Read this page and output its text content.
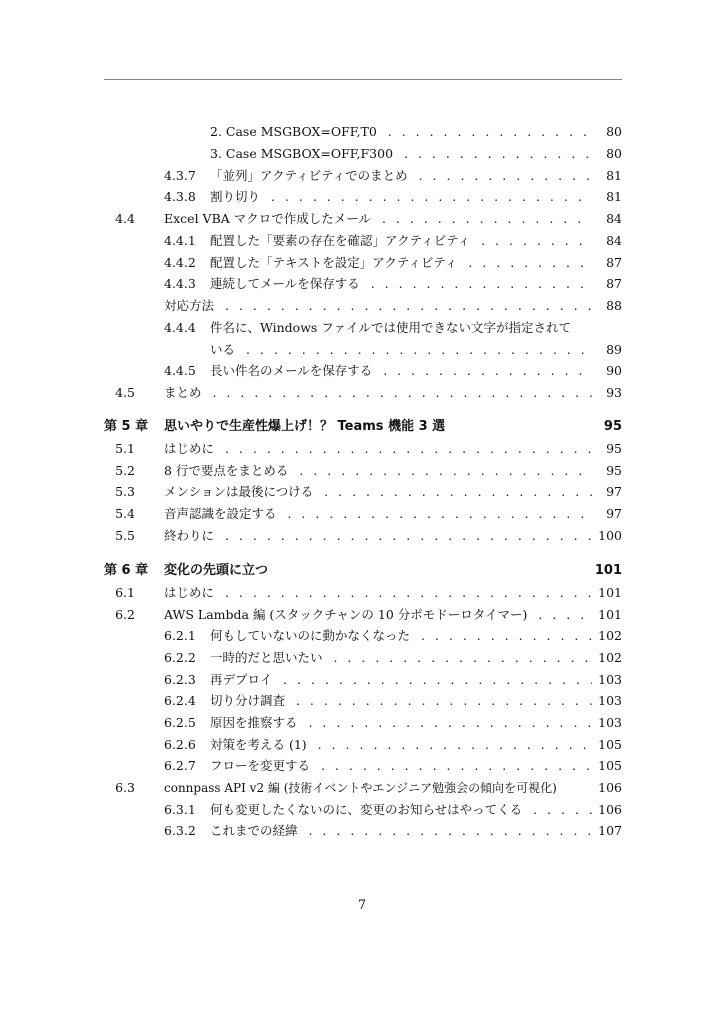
2. Case MSGBOX=OFF,T0 . . .	80
3. Case MSGBOX=OFF,F300 . . .	80
4.3.7	「並列」アクティビティでのまとめ . . .	81
4.3.8	割り切り . . .	81
4.4 Excel VBA マクロで作成したメール . . .	84
4.4.1	配置した「要素の存在を確認」アクティビティ . . .	84
4.4.2	配置した「テキストを設定」アクティビティ . . .	87
4.4.3	連続してメールを保存する . . .	87
対応方法 . . .	88
4.4.4	件名に、Windows ファイルでは使用できない文字が指定されて
いる . . .	89
4.4.5	長い件名のメールを保存する . . .	90
4.5 まとめ . . .	93
第 5 章	思いやりで生産性爆上げ！？ Teams 機能 3 選	95
5.1 はじめに . . .	95
5.2 8 行で要点をまとめる . . .	95
5.3 メンションは最後につける . . .	97
5.4 音声認識を設定する . . .	97
5.5 終わりに . . .	100
第 6 章	変化の先頭に立つ	101
6.1 はじめに . . .	101
6.2 AWS Lambda 編 (スタックチャンの 10 分ポモドーロタイマー) . . .	101
6.2.1	何もしていないのに動かなくなった . . .	102
6.2.2	一時的だと思いたい . . .	102
6.2.3	再デプロイ . . .	103
6.2.4	切り分け調査 . . .	103
6.2.5	原因を推察する . . .	103
6.2.6	対策を考える (1) . . .	105
6.2.7	フローを変更する . . .	105
6.3 connpass API v2 編 (技術イベントやエンジニア勉強会の傾向を可視化)	106
6.3.1	何も変更したくないのに、変更のお知らせはやってくる . . .	106
6.3.2	これまでの経緯 . . .	107
7
